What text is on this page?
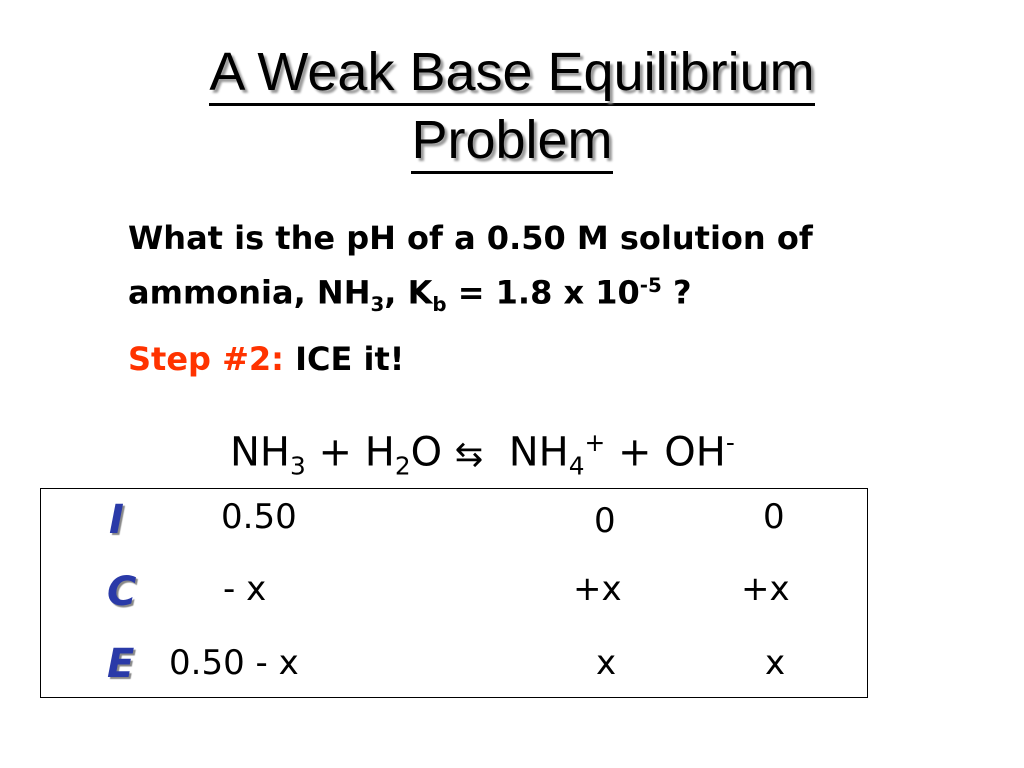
A Weak Base Equilibrium
Problem
What is the pH of a 0.50 M solution of
ammonia, $NH_3$, $K_b = 1.8$ x $10^{-5}$ ?
Step #2: ICE it!
$NH_3 + H_2O$ ⇆  $NH_4^+ + OH^-$
I	0.50	0	0
C	- x	+x	+x
E 0.50 - x	x	x
